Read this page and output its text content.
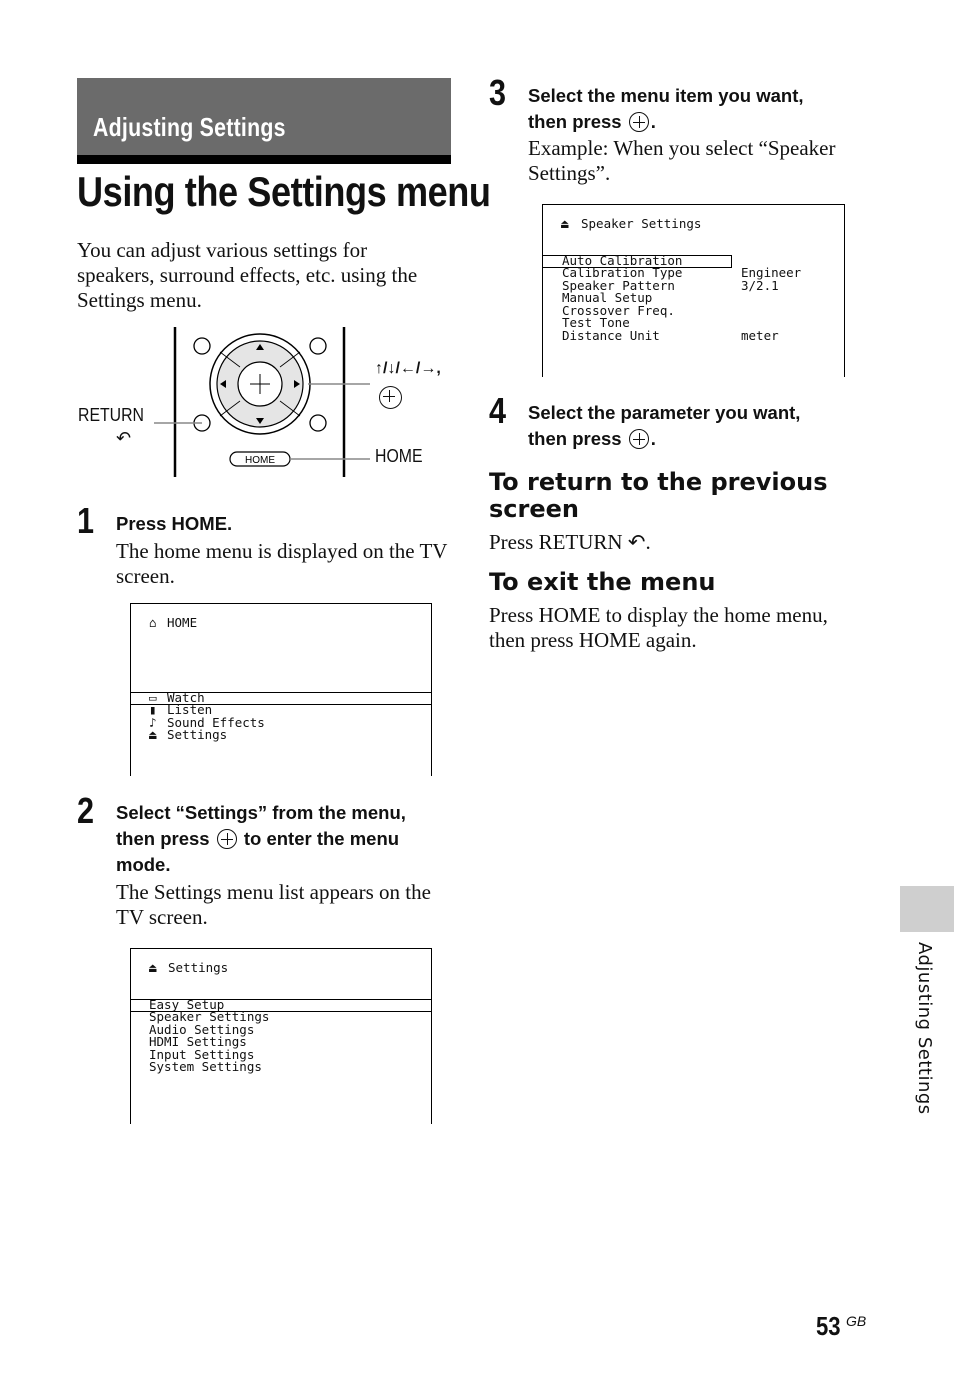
Adjusting Settings
Using the Settings menu
You can adjust various settings for
speakers, surround effects, etc. using the
Settings menu.
HOME
RETURN
↶
↑/↓/←/→,
HOME
1 Press HOME.
The home menu is displayed on the TV
screen.
⌂ HOME
▭ Watch
▮ Listen
♪ Sound Effects
⏏ Settings
2 Select “Settings” from the menu,
then press to enter the menu
mode.
The Settings menu list appears on the
TV screen.
⏏ Settings
Easy Setup
Speaker Settings
Audio Settings
HDMI Settings
Input Settings
System Settings
3 Select the menu item you want,
then press .
Example: When you select “Speaker
Settings”.
⏏ Speaker Settings
Auto Calibration
Calibration Type
Speaker Pattern
Manual Setup
Crossover Freq.
Test Tone
Distance Unit
Engineer
3/2.1
meter
4 Select the parameter you want,
then press .
To return to the previous
screen
Press RETURN ↶.
To exit the menu
Press HOME to display the home menu,
then press HOME again.
Adjusting Settings
53 GB
